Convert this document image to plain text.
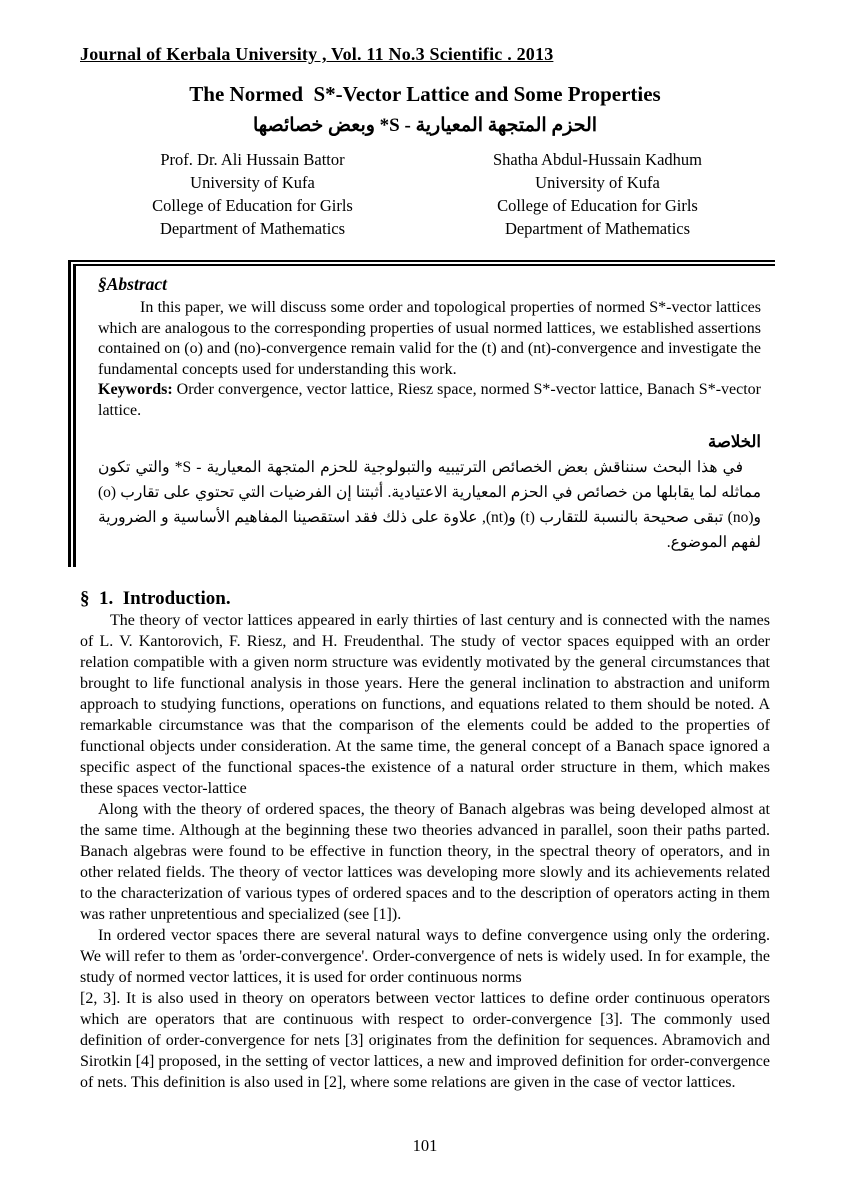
Journal of Kerbala University , Vol. 11 No.3 Scientific . 2013
The Normed  S*-Vector Lattice and Some Properties
الحزم المتجهة المعيارية - S* وبعض خصائصها
Prof. Dr. Ali Hussain Battor
University of Kufa
College of Education for Girls
Department of Mathematics
Shatha Abdul-Hussain Kadhum
University of Kufa
College of Education for Girls
Department of Mathematics
§Abstract

In this paper, we will discuss some order and topological properties of normed S*-vector lattices which are analogous to the corresponding properties of usual normed lattices, we established assertions contained on (o) and (no)-convergence remain valid for the (t) and (nt)-convergence and investigate the fundamental concepts used for understanding this work.

Keywords: Order convergence, vector lattice, Riesz space, normed S*-vector lattice, Banach S*-vector lattice.

الخلاصة

في هذا البحث سنناقش بعض الخصائص الترتيبيه والتبولوجية للحزم المتجهة المعيارية - S* والتي تكون مماثله لما يقابلها من خصائص في الحزم المعيارية الاعتيادية. أثبتنا إن الفرضيات التي تحتوي على تقارب (o) و(no) تبقى صحيحة بالنسبة للتقارب (t) و(nt), علاوة على ذلك فقد استقصينا المفاهيم الأساسية و الضرورية لفهم الموضوع.

§  1.  Introduction.

The theory of vector lattices appeared in early thirties of last century and is connected with the names of L. V. Kantorovich, F. Riesz, and H. Freudenthal. The study of vector spaces equipped with an order relation compatible with a given norm structure was evidently motivated by the general circumstances that brought to life functional analysis in those years. Here the general inclination to abstraction and uniform approach to studying functions, operations on functions, and equations related to them should be noted. A remarkable circumstance was that the comparison of the elements could be added to the properties of functional objects under consideration. At the same time, the general concept of a Banach space ignored a specific aspect of the functional spaces-the existence of a natural order structure in them, which makes these spaces vector-lattice

Along with the theory of ordered spaces, the theory of Banach algebras was being developed almost at the same time. Although at the beginning these two theories advanced in parallel, soon their paths parted. Banach algebras were found to be effective in function theory, in the spectral theory of operators, and in other related fields. The theory of vector lattices was developing more slowly and its achievements related to the characterization of various types of ordered spaces and to the description of operators acting in them was rather unpretentious and specialized (see [1]).

In ordered vector spaces there are several natural ways to define convergence using only the ordering. We will refer to them as 'order-convergence'. Order-convergence of nets is widely used. In for example, the study of normed vector lattices, it is used for order continuous norms

[2, 3]. It is also used in theory on operators between vector lattices to define order continuous operators which are operators that are continuous with respect to order-convergence [3]. The commonly used definition of order-convergence for nets [3] originates from the definition for sequences. Abramovich and Sirotkin [4] proposed, in the setting of vector lattices, a new and improved definition for order-convergence of nets. This definition is also used in [2], where some relations are given in the case of vector lattices.

101
